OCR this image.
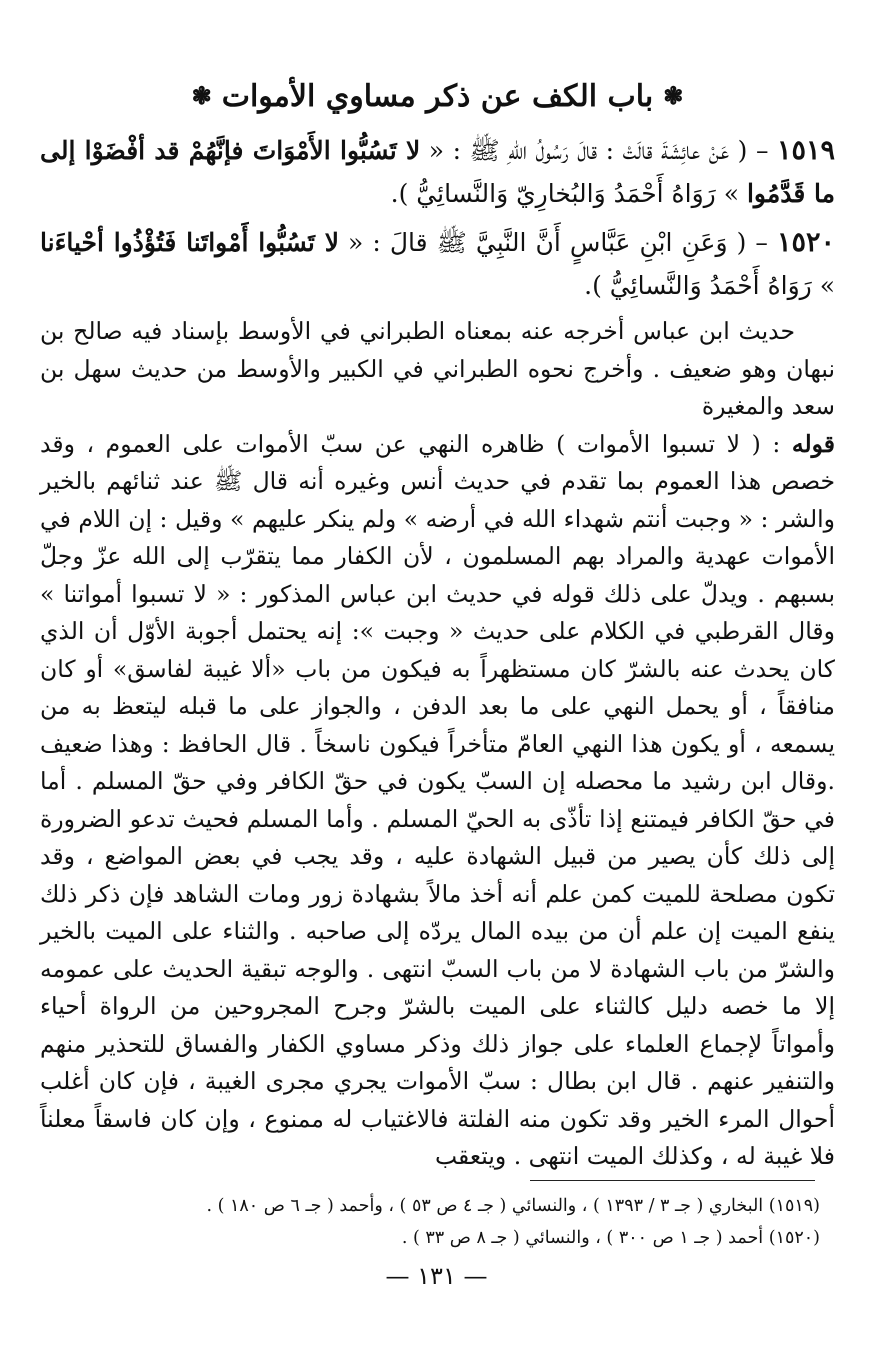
❃باب الكف عن ذكر مساوي الأموات❃

١٥١٩ – ( عَنْ عائِشَةَ قالَتْ : قالَ رَسُولُ اللهِ ﷺ : « لا تَسُبُّوا الأَمْوَاتَ فإنَّهُمْ قد أفْضَوْا إلى ما قَدَّمُوا » رَوَاهُ أَحْمَدُ وَالبُخارِيّ وَالنَّسائِيُّ ).

١٥٢٠ – ( وَعَنِ ابْنِ عَبَّاسٍ أَنَّ النَّبِيَّ ﷺ قالَ : « لا تَسُبُّوا أَمْواتَنا فَتُؤْذُوا أحْياءَنا » رَوَاهُ أَحْمَدُ وَالنَّسائِيُّ ).

حديث ابن عباس أخرجه عنه بمعناه الطبراني في الأوسط بإسناد فيه صالح بن نبهان وهو ضعيف . وأخرج نحوه الطبراني في الكبير والأوسط من حديث سهل بن سعد والمغيرة

قوله : ( لا تسبوا الأموات ) ظاهره النهي عن سبّ الأموات على العموم ، وقد خصص هذا العموم بما تقدم في حديث أنس وغيره أنه قال ﷺ عند ثنائهم بالخير والشر : « وجبت أنتم شهداء الله في أرضه » ولم ينكر عليهم » وقيل : إن اللام في الأموات عهدية والمراد بهم المسلمون ، لأن الكفار مما يتقرّب إلى الله عزّ وجلّ بسبهم . ويدلّ على ذلك قوله في حديث ابن عباس المذكور : « لا تسبوا أمواتنا » وقال القرطبي في الكلام على حديث « وجبت »: إنه يحتمل أجوبة الأوّل أن الذي كان يحدث عنه بالشرّ كان مستظهراً به فيكون من باب «ألا غيبة لفاسق» أو كان منافقاً ، أو يحمل النهي على ما بعد الدفن ، والجواز على ما قبله ليتعظ به من يسمعه ، أو يكون هذا النهي العامّ متأخراً فيكون ناسخاً . قال الحافظ : وهذا ضعيف .وقال ابن رشيد ما محصله إن السبّ يكون في حقّ الكافر وفي حقّ المسلم . أما في حقّ الكافر فيمتنع إذا تأذّى به الحيّ المسلم . وأما المسلم فحيث تدعو الضرورة إلى ذلك كأن يصير من قبيل الشهادة عليه ، وقد يجب في بعض المواضع ، وقد تكون مصلحة للميت كمن علم أنه أخذ مالاً بشهادة زور ومات الشاهد فإن ذكر ذلك ينفع الميت إن علم أن من بيده المال يردّه إلى صاحبه . والثناء على الميت بالخير والشرّ من باب الشهادة لا من باب السبّ انتهى . والوجه تبقية الحديث على عمومه إلا ما خصه دليل كالثناء على الميت بالشرّ وجرح المجروحين من الرواة أحياء وأمواتاً لإجماع العلماء على جواز ذلك وذكر مساوي الكفار والفساق للتحذير منهم والتنفير عنهم . قال ابن بطال : سبّ الأموات يجري مجرى الغيبة ، فإن كان أغلب أحوال المرء الخير وقد تكون منه الفلتة فالاغتياب له ممنوع ، وإن كان فاسقاً معلناً فلا غيبة له ، وكذلك الميت انتهى . ويتعقب

(١٥١٩) البخاري ( جـ ٣ / ١٣٩٣ ) ، والنسائي ( جـ ٤ ص ٥٣ ) ، وأحمد ( جـ ٦ ص ١٨٠ ) .
(١٥٢٠) أحمد ( جـ ١ ص ٣٠٠ ) ، والنسائي ( جـ ٨ ص ٣٣ ) .
— ١٣١ —
